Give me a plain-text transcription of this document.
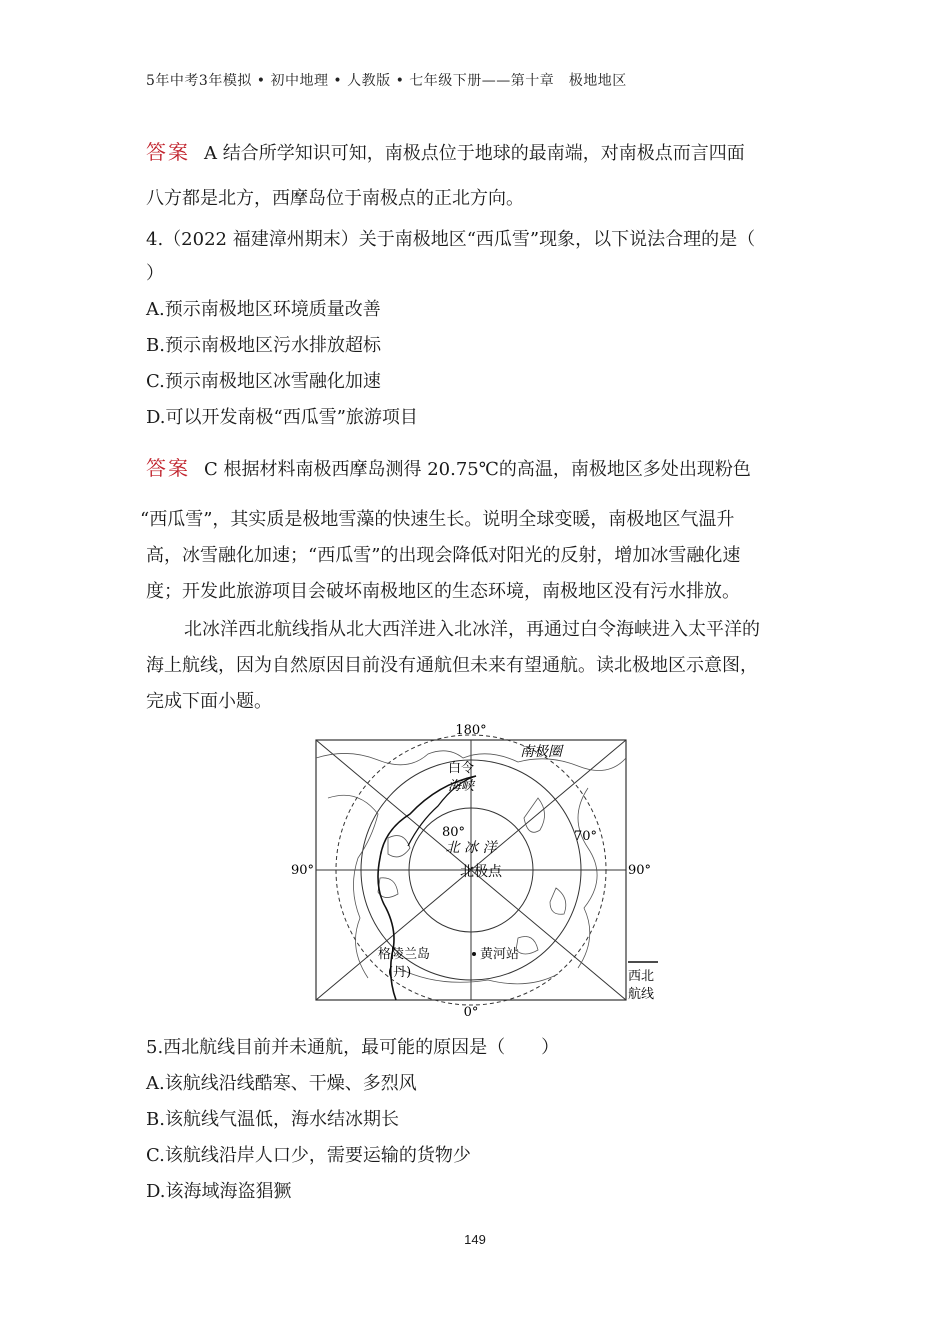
5年中考3年模拟 • 初中地理 • 人教版 • 七年级下册——第十章　极地地区
答案 A 结合所学知识可知，南极点位于地球的最南端，对南极点而言四面
八方都是北方，西摩岛位于南极点的正北方向。
4.（2022 福建漳州期末）关于南极地区“西瓜雪”现象，以下说法合理的是（
）
A.预示南极地区环境质量改善
B.预示南极地区污水排放超标
C.预示南极地区冰雪融化加速
D.可以开发南极“西瓜雪”旅游项目
答案 C 根据材料南极西摩岛测得 20.75℃的高温，南极地区多处出现粉色
“西瓜雪”，其实质是极地雪藻的快速生长。说明全球变暖，南极地区气温升
高，冰雪融化加速；“西瓜雪”的出现会降低对阳光的反射，增加冰雪融化速
度；开发此旅游项目会破坏南极地区的生态环境，南极地区没有污水排放。
北冰洋西北航线指从北大西洋进入北冰洋，再通过白令海峡进入太平洋的
海上航线，因为自然原因目前没有通航但未来有望通航。读北极地区示意图，
完成下面小题。
180°
0°
90°	90°
80°	70°
南极圈
白令
海峡
北 冰 洋
北极点
格陵兰岛
(丹)
黄河站
西北
航线
5.西北航线目前并未通航，最可能的原因是（　　）
A.该航线沿线酷寒、干燥、多烈风
B.该航线气温低，海水结冰期长
C.该航线沿岸人口少，需要运输的货物少
D.该海域海盗猖獗
149
